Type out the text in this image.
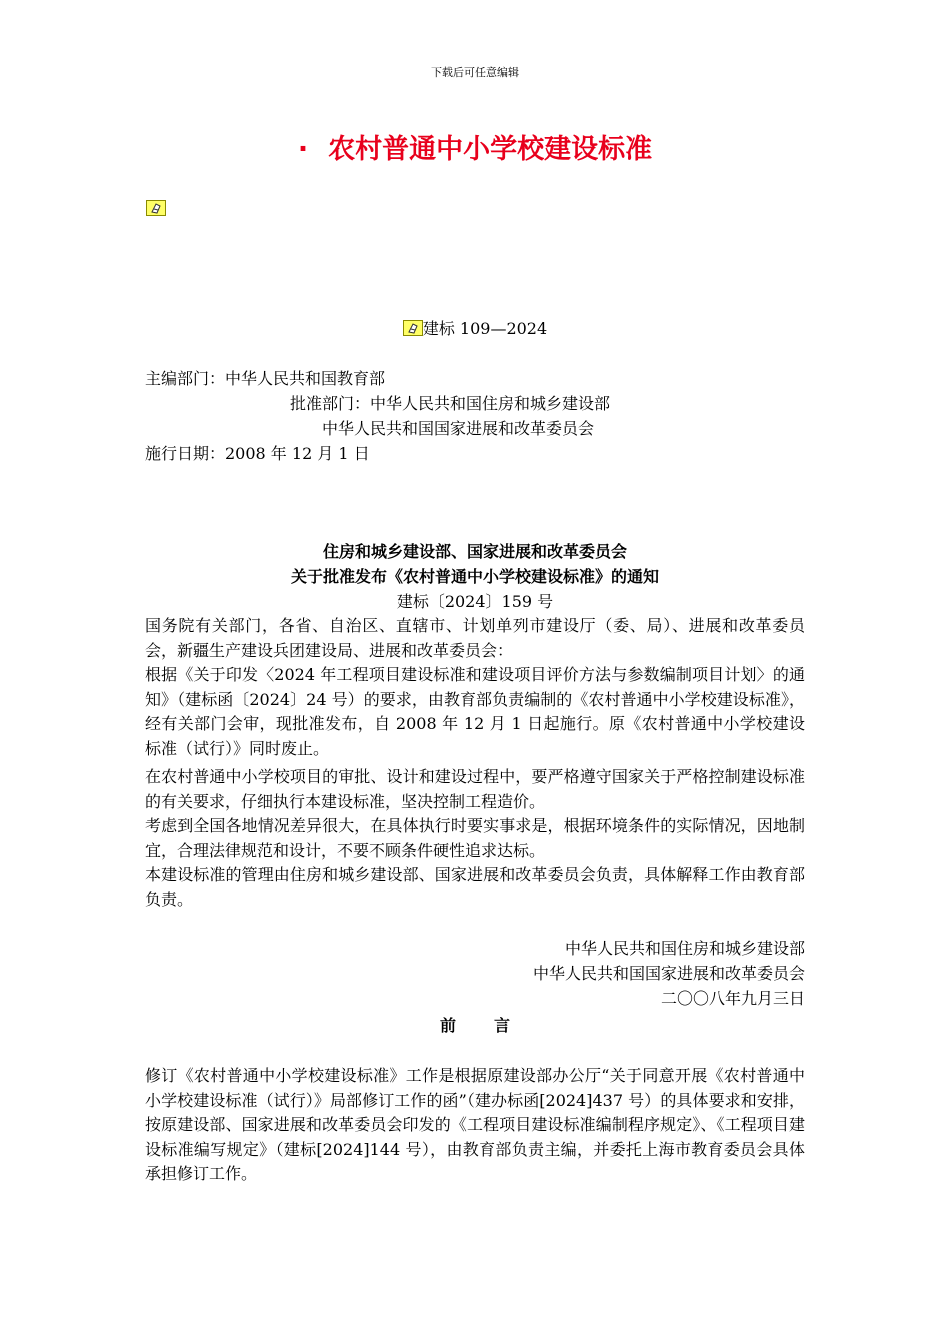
下载后可任意编辑
· 农村普通中小学校建设标准
建标 109—2024
主编部门：中华人民共和国教育部
批准部门：中华人民共和国住房和城乡建设部
中华人民共和国国家进展和改革委员会
施行日期：2008 年 12 月 1 日
住房和城乡建设部、国家进展和改革委员会
关于批准发布《农村普通中小学校建设标准》的通知
建标〔2024〕159 号
国务院有关部门，各省、自治区、直辖市、计划单列市建设厅（委、局）、进展和改革委员会，新疆生产建设兵团建设局、进展和改革委员会：
根据《关于印发〈2024 年工程项目建设标准和建设项目评价方法与参数编制项目计划〉的通知》（建标函〔2024〕24 号）的要求，由教育部负责编制的《农村普通中小学校建设标准》，经有关部门会审，现批准发布，自 2008 年 12 月 1 日起施行。原《农村普通中小学校建设标准（试行）》同时废止。
在农村普通中小学校项目的审批、设计和建设过程中，要严格遵守国家关于严格控制建设标准的有关要求，仔细执行本建设标准，坚决控制工程造价。
考虑到全国各地情况差异很大，在具体执行时要实事求是，根据环境条件的实际情况，因地制宜，合理法律规范和设计，不要不顾条件硬性追求达标。
本建设标准的管理由住房和城乡建设部、国家进展和改革委员会负责，具体解释工作由教育部负责。
中华人民共和国住房和城乡建设部
中华人民共和国国家进展和改革委员会
二〇〇八年九月三日
前言
修订《农村普通中小学校建设标准》工作是根据原建设部办公厅“关于同意开展《农村普通中小学校建设标准（试行）》局部修订工作的函”（建办标函[2024]437 号）的具体要求和安排，按原建设部、国家进展和改革委员会印发的《工程项目建设标准编制程序规定》、《工程项目建设标准编写规定》（建标[2024]144 号），由教育部负责主编，并委托上海市教育委员会具体承担修订工作。
